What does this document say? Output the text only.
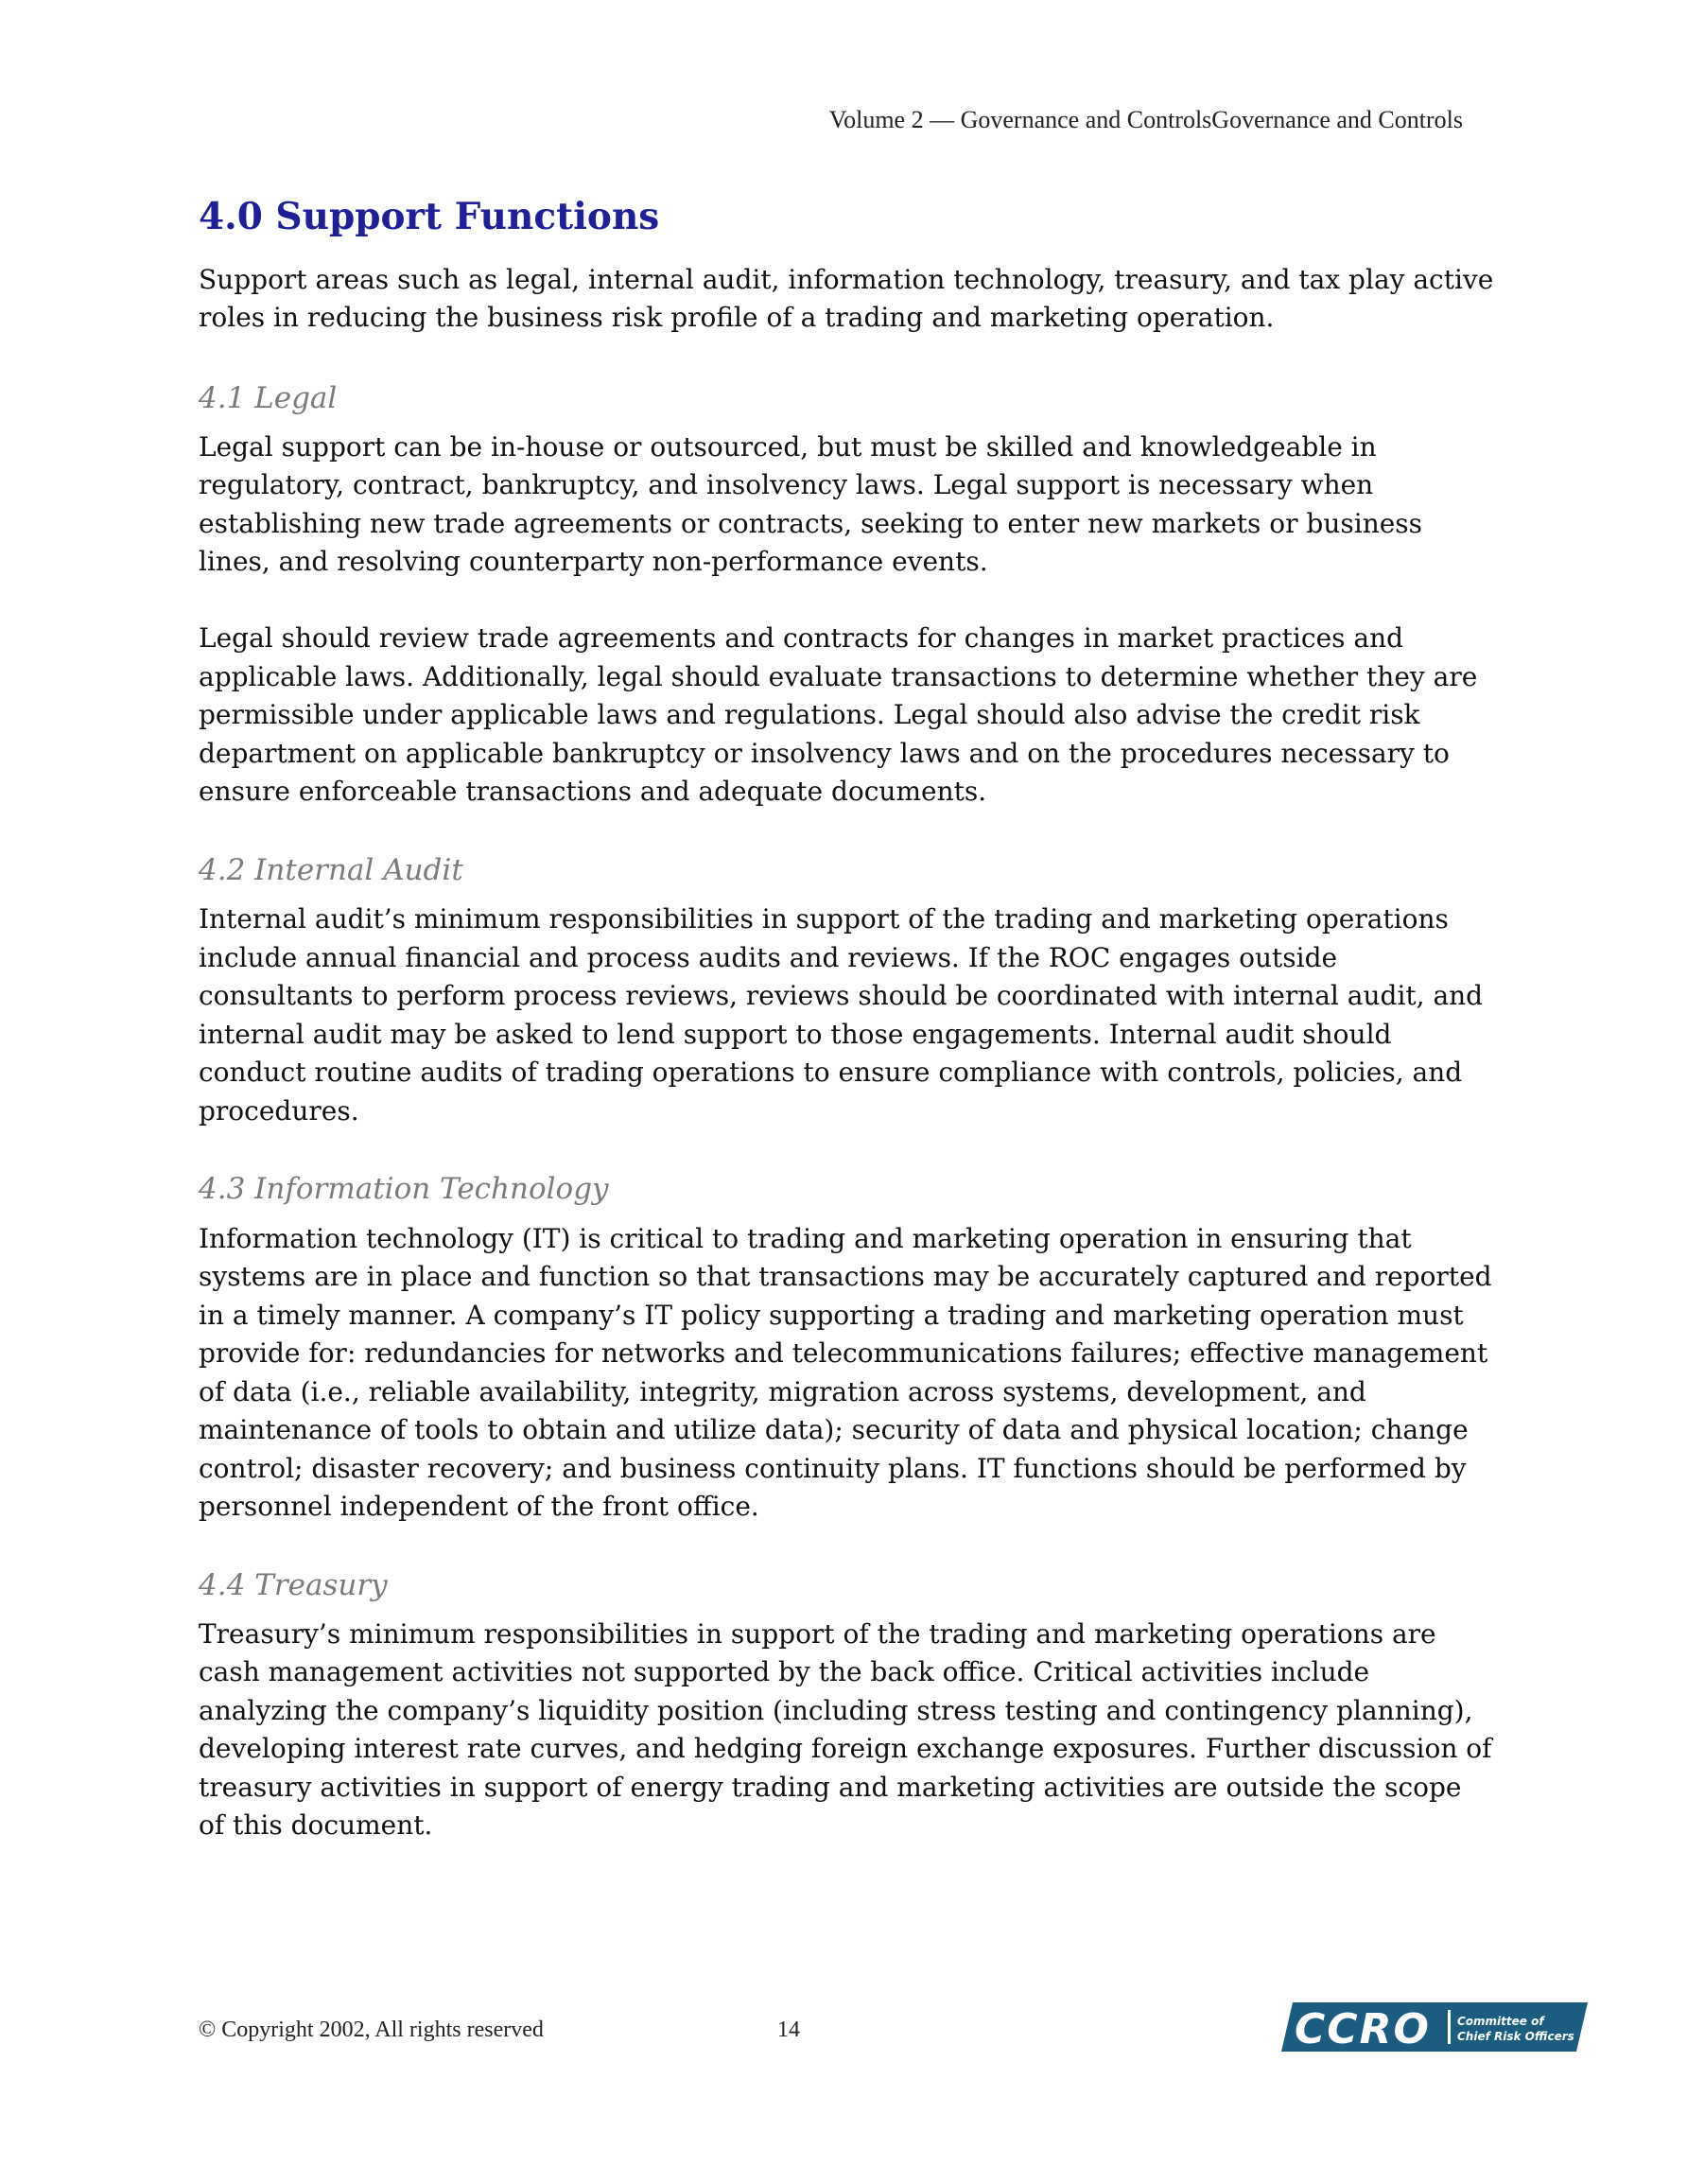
Volume 2 — Governance and ControlsGovernance and Controls
4.0 Support Functions

Support areas such as legal, internal audit, information technology, treasury, and tax play active roles in reducing the business risk profile of a trading and marketing operation.

4.1 Legal

Legal support can be in-house or outsourced, but must be skilled and knowledgeable in regulatory, contract, bankruptcy, and insolvency laws. Legal support is necessary when establishing new trade agreements or contracts, seeking to enter new markets or business lines, and resolving counterparty non-performance events.

Legal should review trade agreements and contracts for changes in market practices and applicable laws. Additionally, legal should evaluate transactions to determine whether they are permissible under applicable laws and regulations. Legal should also advise the credit risk department on applicable bankruptcy or insolvency laws and on the procedures necessary to ensure enforceable transactions and adequate documents.

4.2 Internal Audit

Internal audit’s minimum responsibilities in support of the trading and marketing operations include annual financial and process audits and reviews. If the ROC engages outside consultants to perform process reviews, reviews should be coordinated with internal audit, and internal audit may be asked to lend support to those engagements. Internal audit should conduct routine audits of trading operations to ensure compliance with controls, policies, and procedures.

4.3 Information Technology

Information technology (IT) is critical to trading and marketing operation in ensuring that systems are in place and function so that transactions may be accurately captured and reported in a timely manner. A company’s IT policy supporting a trading and marketing operation must provide for: redundancies for networks and telecommunications failures; effective management of data (i.e., reliable availability, integrity, migration across systems, development, and maintenance of tools to obtain and utilize data); security of data and physical location; change control; disaster recovery; and business continuity plans. IT functions should be performed by personnel independent of the front office.

4.4 Treasury

Treasury’s minimum responsibilities in support of the trading and marketing operations are cash management activities not supported by the back office. Critical activities include analyzing the company’s liquidity position (including stress testing and contingency planning), developing interest rate curves, and hedging foreign exchange exposures. Further discussion of treasury activities in support of energy trading and marketing activities are outside the scope of this document.

© Copyright 2002, All rights reserved	14	CCRO Committee of
Chief Risk Officers
